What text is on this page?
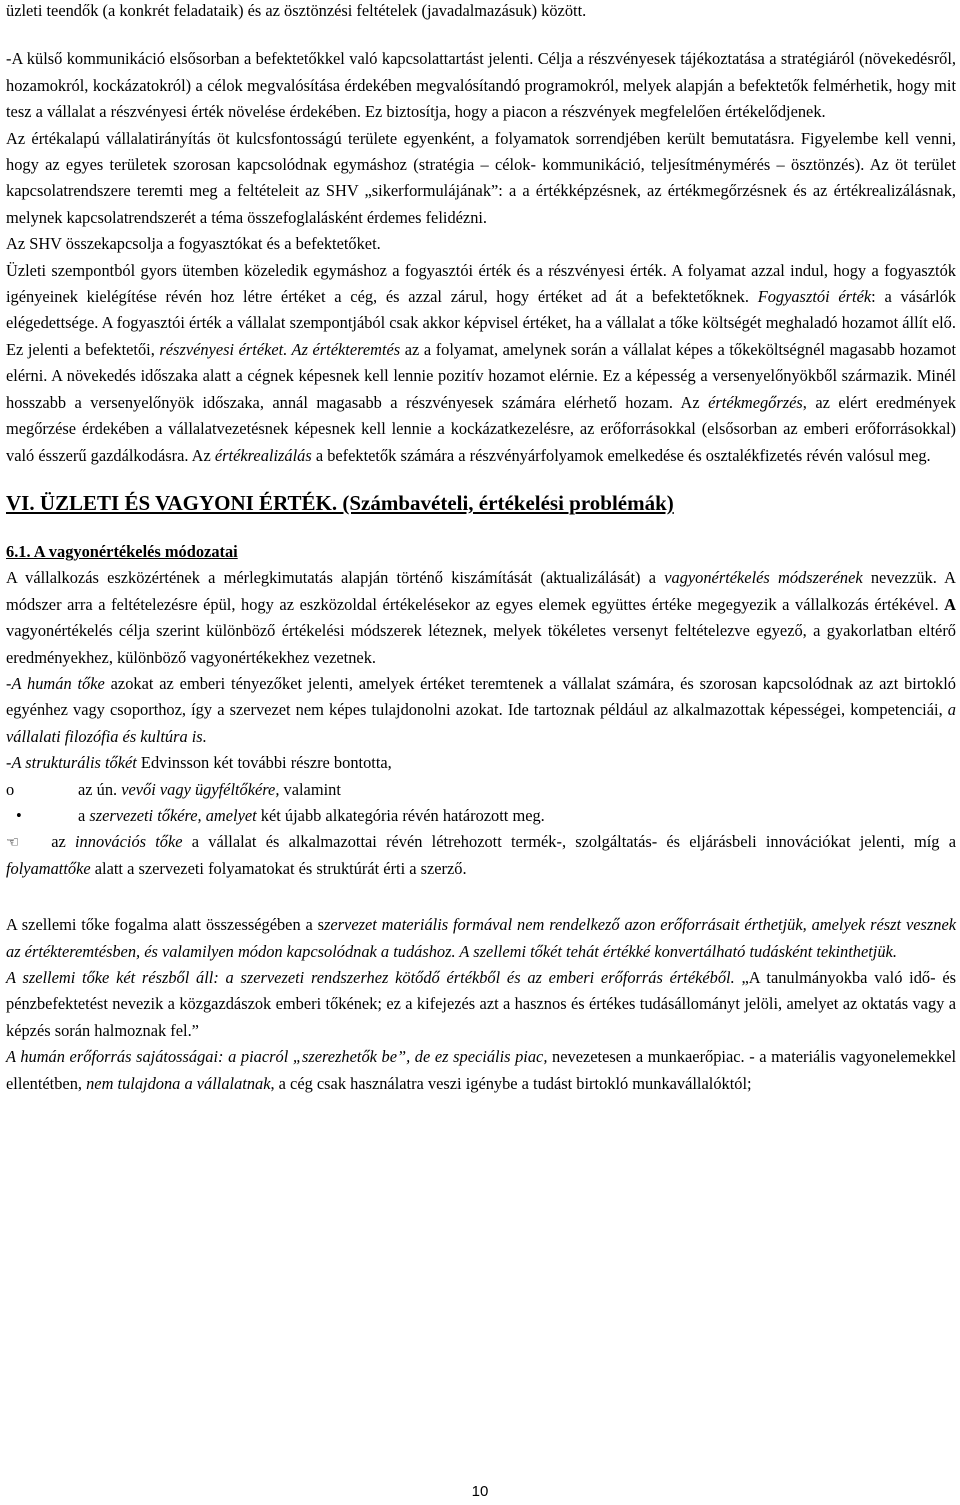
üzleti teendők (a konkrét feladataik) és az ösztönzési feltételek (javadalmazásuk) között.

-A külső kommunikáció elsősorban a befektetőkkel való kapcsolattartást jelenti. Célja a részvényesek tájékoztatása a stratégiáról (növekedésről, hozamokról, kockázatokról) a célok megvalósítása érdekében megvalósítandó programokról, melyek alapján a befektetők felmérhetik, hogy mit tesz a vállalat a részvényesi érték növelése érdekében. Ez biztosítja, hogy a piacon a részvények megfelelően értékelődjenek.

Az értékalapú vállalatirányítás öt kulcsfontosságú területe egyenként, a folyamatok sorrendjében került bemutatásra. Figyelembe kell venni, hogy az egyes területek szorosan kapcsolódnak egymáshoz (stratégia – célok- kommunikáció, teljesítménymérés – ösztönzés). Az öt terület kapcsolatrendszere teremti meg a feltételeit az SHV „sikerformulájának”: a a értékképzésnek, az értékmegőrzésnek és az értékrealizálásnak, melynek kapcsolatrendszerét a téma összefoglalásként érdemes felidézni.

Az SHV összekapcsolja a fogyasztókat és a befektetőket.

Üzleti szempontból gyors ütemben közeledik egymáshoz a fogyasztói érték és a részvényesi érték. A folyamat azzal indul, hogy a fogyasztók igényeinek kielégítése révén hoz létre értéket a cég, és azzal zárul, hogy értéket ad át a befektetőknek. Fogyasztói érték: a vásárlók elégedettsége. A fogyasztói érték a vállalat szempontjából csak akkor képvisel értéket, ha a vállalat a tőke költségét meghaladó hozamot állít elő. Ez jelenti a befektetői, részvényesi értéket. Az értékteremtés az a folyamat, amelynek során a vállalat képes a tőkeköltségnél magasabb hozamot elérni. A növekedés időszaka alatt a cégnek képesnek kell lennie pozitív hozamot elérnie. Ez a képesség a versenyelőnyökből származik. Minél hosszabb a versenyelőnyök időszaka, annál magasabb a részvényesek számára elérhető hozam. Az értékmegőrzés, az elért eredmények megőrzése érdekében a vállalatvezetésnek képesnek kell lennie a kockázatkezelésre, az erőforrásokkal (elsősorban az emberi erőforrásokkal) való ésszerű gazdálkodásra. Az értékrealizálás a befektetők számára a részvényárfolyamok emelkedése és osztalékfizetés révén valósul meg.

VI. ÜZLETI ÉS VAGYONI ÉRTÉK. (Számbavételi, értékelési problémák)
6.1. A vagyonértékelés módozatai

A vállalkozás eszközértének a mérlegkimutatás alapján történő kiszámítását (aktualizálását) a vagyonértékelés módszerének nevezzük. A módszer arra a feltételezésre épül, hogy az eszközoldal értékelésekor az egyes elemek együttes értéke megegyezik a vállalkozás értékével. A vagyonértékelés célja szerint különböző értékelési módszerek léteznek, melyek tökéletes versenyt feltételezve egyező, a gyakorlatban eltérő eredményekhez, különböző vagyonértékekhez vezetnek.

-A humán tőke azokat az emberi tényezőket jelenti, amelyek értéket teremtenek a vállalat számára, és szorosan kapcsolódnak az azt birtokló egyénhez vagy csoporthoz, így a szervezet nem képes tulajdonolni azokat. Ide tartoznak például az alkalmazottak képességei, kompetenciái, a vállalati filozófia és kultúra is.

-A strukturális tőkét Edvinsson két további részre bontotta,

o	az ún. vevői vagy ügyféltőkére, valamint
•	a szervezeti tőkére, amelyet két újabb alkategória révén határozott meg.

☜ az innovációs tőke a vállalat és alkalmazottai révén létrehozott termék-, szolgáltatás- és eljárásbeli innovációkat jelenti, míg a folyamattőke alatt a szervezeti folyamatokat és struktúrát érti a szerző.

A szellemi tőke fogalma alatt összességében a szervezet materiális formával nem rendelkező azon erőforrásait érthetjük, amelyek részt vesznek az értékteremtésben, és valamilyen módon kapcsolódnak a tudáshoz. A szellemi tőkét tehát értékké konvertálható tudásként tekinthetjük.

A szellemi tőke két részből áll: a szervezeti rendszerhez kötődő értékből és az emberi erőforrás értékéből. „A tanulmányokba való idő- és pénzbefektetést nevezik a közgazdászok emberi tőkének; ez a kifejezés azt a hasznos és értékes tudásállományt jelöli, amelyet az oktatás vagy a képzés során halmoznak fel.”

A humán erőforrás sajátosságai: a piacról „szerezhetők be”, de ez speciális piac, nevezetesen a munkaerőpiac. - a materiális vagyonelemekkel ellentétben, nem tulajdona a vállalatnak, a cég csak használatra veszi igénybe a tudást birtokló munkavállalóktól;

10
